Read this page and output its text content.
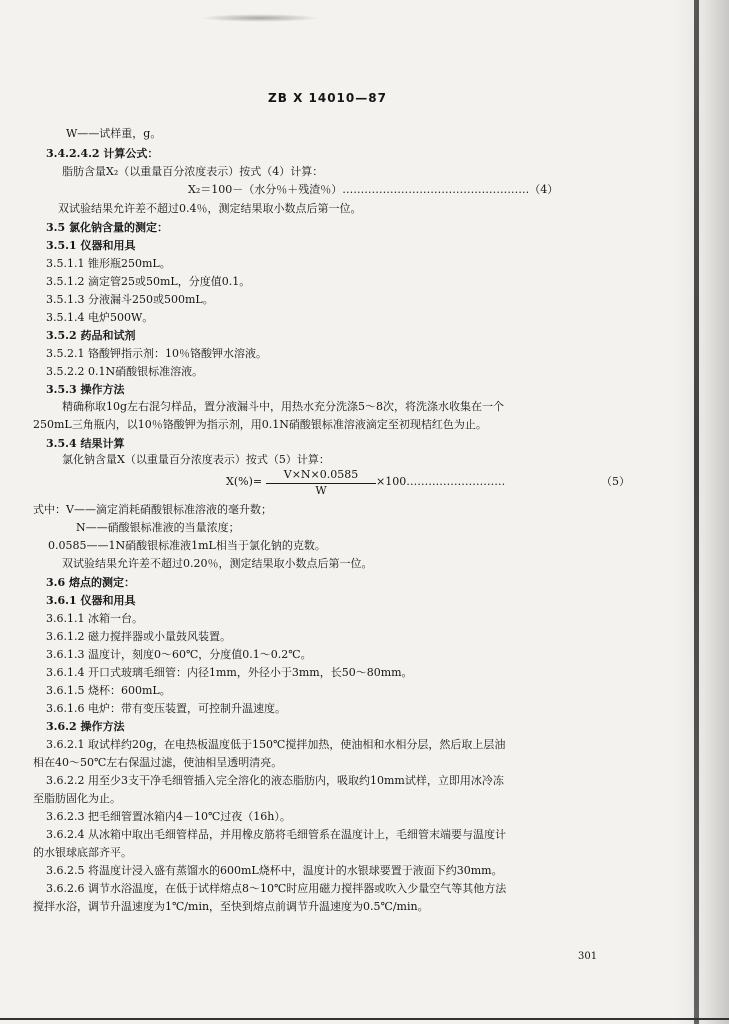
ZB X 14010—87
W——试样重，g。
3.4.2.4.2 计算公式：
脂肪含量X₂（以重量百分浓度表示）按式（4）计算：
X₂＝100－（水分％＋残渣％）……………………………………………（4）
双试验结果允许差不超过0.4％，测定结果取小数点后第一位。
3.5 氯化钠含量的测定：
3.5.1 仪器和用具
3.5.1.1 锥形瓶250mL。
3.5.1.2 滴定管25或50mL，分度值0.1。
3.5.1.3 分液漏斗250或500mL。
3.5.1.4 电炉500W。
3.5.2 药品和试剂
3.5.2.1 铬酸钾指示剂：10％铬酸钾水溶液。
3.5.2.2 0.1N硝酸银标准溶液。
3.5.3 操作方法
精确称取10g左右混匀样品，置分液漏斗中，用热水充分洗涤5～8次，将洗涤水收集在一个
250mL三角瓶内，以10％铬酸钾为指示剂，用0.1N硝酸银标准溶液滴定至初现桔红色为止。
3.5.4 结果计算
氯化钠含量X（以重量百分浓度表示）按式（5）计算：
X(%)=
V×N×0.0585
W
×100………………………	（5）
式中：V——滴定消耗硝酸银标准溶液的毫升数；
N——硝酸银标准液的当量浓度；
0.0585——1N硝酸银标准液1mL相当于氯化钠的克数。
双试验结果允许差不超过0.20％，测定结果取小数点后第一位。
3.6 熔点的测定：
3.6.1 仪器和用具
3.6.1.1 冰箱一台。
3.6.1.2 磁力搅拌器或小量鼓风装置。
3.6.1.3 温度计，刻度0～60℃，分度值0.1～0.2℃。
3.6.1.4 开口式玻璃毛细管：内径1mm，外径小于3mm，长50～80mm。
3.6.1.5 烧杯：600mL。
3.6.1.6 电炉：带有变压装置，可控制升温速度。
3.6.2 操作方法
3.6.2.1 取试样约20g，在电热板温度低于150℃搅拌加热，使油相和水相分层，然后取上层油
相在40～50℃左右保温过滤，使油相呈透明清亮。
3.6.2.2 用至少3支干净毛细管插入完全溶化的液态脂肪内，吸取约10mm试样，立即用冰冷冻
至脂肪固化为止。
3.6.2.3 把毛细管置冰箱内4－10℃过夜（16h）。
3.6.2.4 从冰箱中取出毛细管样品，并用橡皮筋将毛细管系在温度计上，毛细管末端要与温度计
的水银球底部齐平。
3.6.2.5 将温度计浸入盛有蒸馏水的600mL烧杯中，温度计的水银球要置于液面下约30mm。
3.6.2.6 调节水浴温度，在低于试样熔点8～10℃时应用磁力搅拌器或吹入少量空气等其他方法
搅拌水浴，调节升温速度为1℃/min，至快到熔点前调节升温速度为0.5℃/min。
301
